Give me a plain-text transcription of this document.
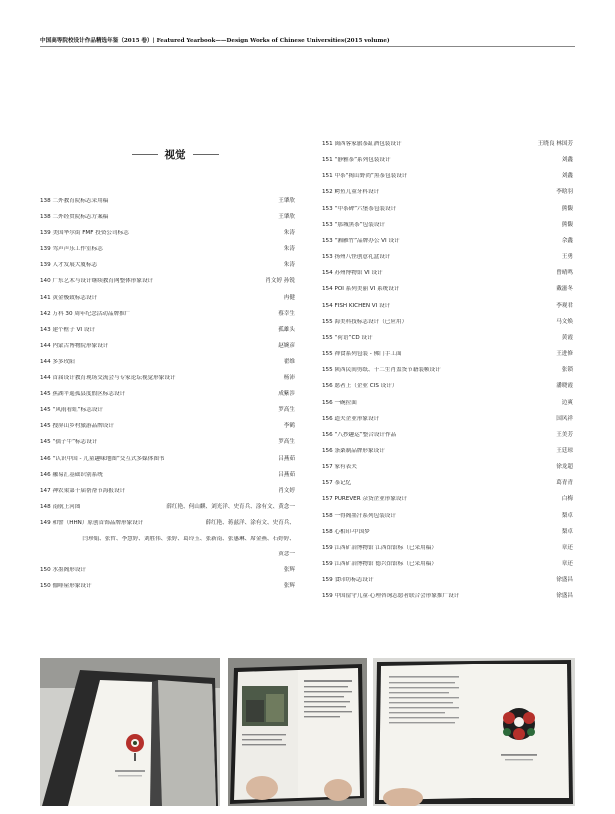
中国高等院校设计作品精选年鉴（2015 卷）| Featured Yearbook——Design Works of Chinese Universities(2015 volume)
视觉
138 二外教育院标志采用稿	王肇欣
138 二外经贸院标志方案稿	王肇欣
139 美国华尔街 FMF 投资公司标志	朱涛
139 驾声声乐工作室标志	朱涛
139 人才发展大厦标志	朱涛
140 广东艺术与设计继续教育网整体形象设计	肖文婷 孙锐
141 黄金极致标志设计	冉健
142 万科 30 周年纪念活动品牌推广	蔡幸生
143 建个框子 VI 设计	孤雄头
144 内蒙古博物院形象设计	赵婉彦
144 多多玫阳	翟维
144 首届设计教育现场交流会与专家论坛视觉形象设计	杨沛
145 蕉湖平遥孤县度假区标志设计	成紫涉
145 “风雨看虹”标志设计	罗高生
145 搜屏山乡村旅游品牌设计	李鹤
145 “孺子牛”标志设计	罗高生
146 “认识中国 - 儿童趣味地图”交互式多媒体图书	吕燕茹
146 融易汇基础识别系统	吕燕茹
147 神农架第十届帮帮节海报设计	肖文婷
148 南航上河图	薛红艳、何山麒、刘光洋、史育兵、涂有文、黄念一
149 和譬（HHN）原创首饰品牌形象设计	薛红艳、蒋兹洋、涂有文、史育兵、
闫珍娟、张哲、李慧婷、刘胜伟、张婷、葛玲玉、张新南、张惠琳、席金燕、石婷婷、
黄念一
150 水墨阁形设计	张辉
150 伽啡屋形象设计	张辉
151 闽西客家旅茶缸酒包装设计	王晓良 林国芳
151 “静雅茶”系列包装设计	刘鑫
151 中茶“揭山野尚”黑茶包装设计	刘鑫
152 鳄鱼儿童牙科设计	李晗羽
153 “中茶碑”六堡茶包装设计	熊馥
153 “那城黑茶”包装设计	熊馥
153 “湘雁竹”品牌办公 VI 设计	佘鑫
153 扬州八怪创意礼盒设计	王勇
154 苏州博物馆 VI 设计	曾晴鸣
154 POI 系列美丽 VI 系统设计	戴滋冬
154 FISH KICHEN VI 设计	李观君
155 海美科技标志设计（已应用）	马文焕
155 “荷语”CD 设计	黄霞
155 禅食系列包装 - 佛门手工面	王进修
155 陕西民间剪纸、十二生肖盖货节籍装帧设计	张锁
156 愿者上（企业 CIS 设计）	潘晓霞
156 一碗拉面	边爽
156 道夫企业形象设计	国风祥
156 “八抄趣运”整合设计作品	王美芳
156 条桑制品牌形象设计	王廷琼
157 家有表夫	徐龙超
157 茶记忆	葛青青
157 PUREVER 杂货企业形象设计	白梅
158 一得阁墨汁系列包装设计	梨卓
158 心相印·中国梦	梨卓
159 江西矿冶博物馆 江西馆馆标（已采用稿）	章还
159 江西矿冶博物馆 德兴馆馆标（已采用稿）	章还
159 食印坊标志设计	徐盛昌
159 中国留守儿童·心理咨询志愿者联合会形象推广设计	徐盛昌
